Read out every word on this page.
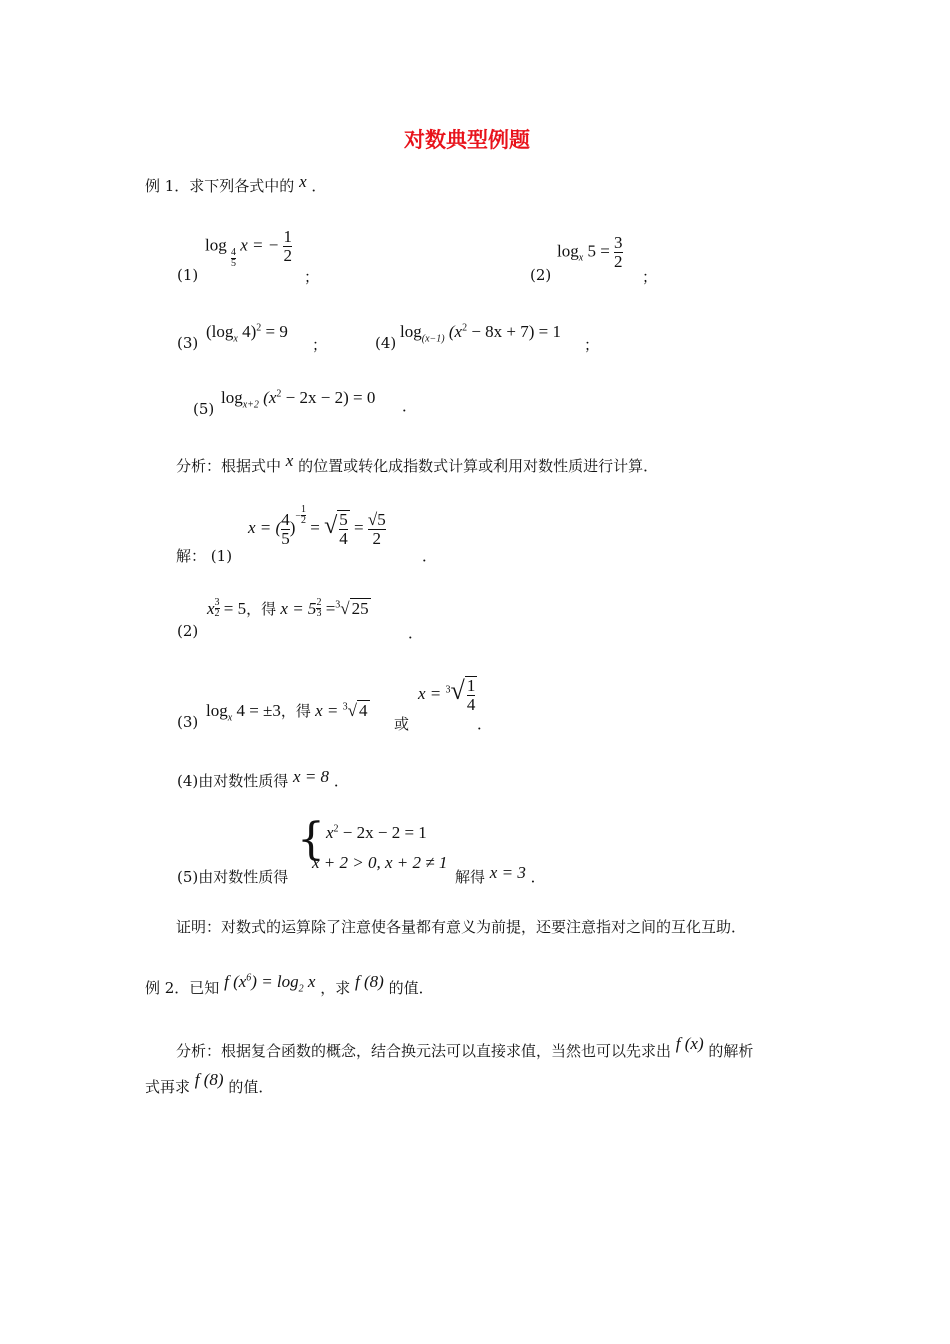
对数典型例题
例 1．求下列各式中的 x ．
(1)
log
$\frac{4}{5}$
x = − $\frac{1}{2}$
；	(2)
$\log_x 5 = \frac{3}{2}$
；
(3)
($\log_x$ 4)$^2$ = 9
；	(4)
$\log_{(x-1)} (x^2 - 8x + 7) = 1$
；
(5)
$\log_{x+2} (x^2 - 2x - 2) = 0$ ．
分析：根据式中 x 的位置或转化成指数式计算或利用对数性质进行计算．
解： (1)
x = ( $\frac{4}{5} )^- \frac{1}{2}$
= √ $\frac{5}{4} = \frac{√5}{2}$
．
(2)
x $\frac{3}{2} = 5$，得 $x = 5 \frac{2}{3} =^3√$ 25
．
(3)
$\log_x 4 = \pm 3$，得 x = $^3$√ 4
或
$x = ^3√ \frac{1}{4}$
．
(4)由对数性质得 x = 8 ．
(5)由对数性质得
{ $x^2 - 2x - 2 = 1$
x + 2 > 0, x + 2 ≠ 1
解得 x = 3 ．
证明：对数式的运算除了注意使各量都有意义为前提，还要注意指对之间的互化互助．
例 2．已知 f $(x^6) = \log_2 x$ ，求 f (8) 的值．
分析：根据复合函数的概念，结合换元法可以直接求值，当然也可以先求出 f (x) 的解析
式再求 f (8) 的值．
